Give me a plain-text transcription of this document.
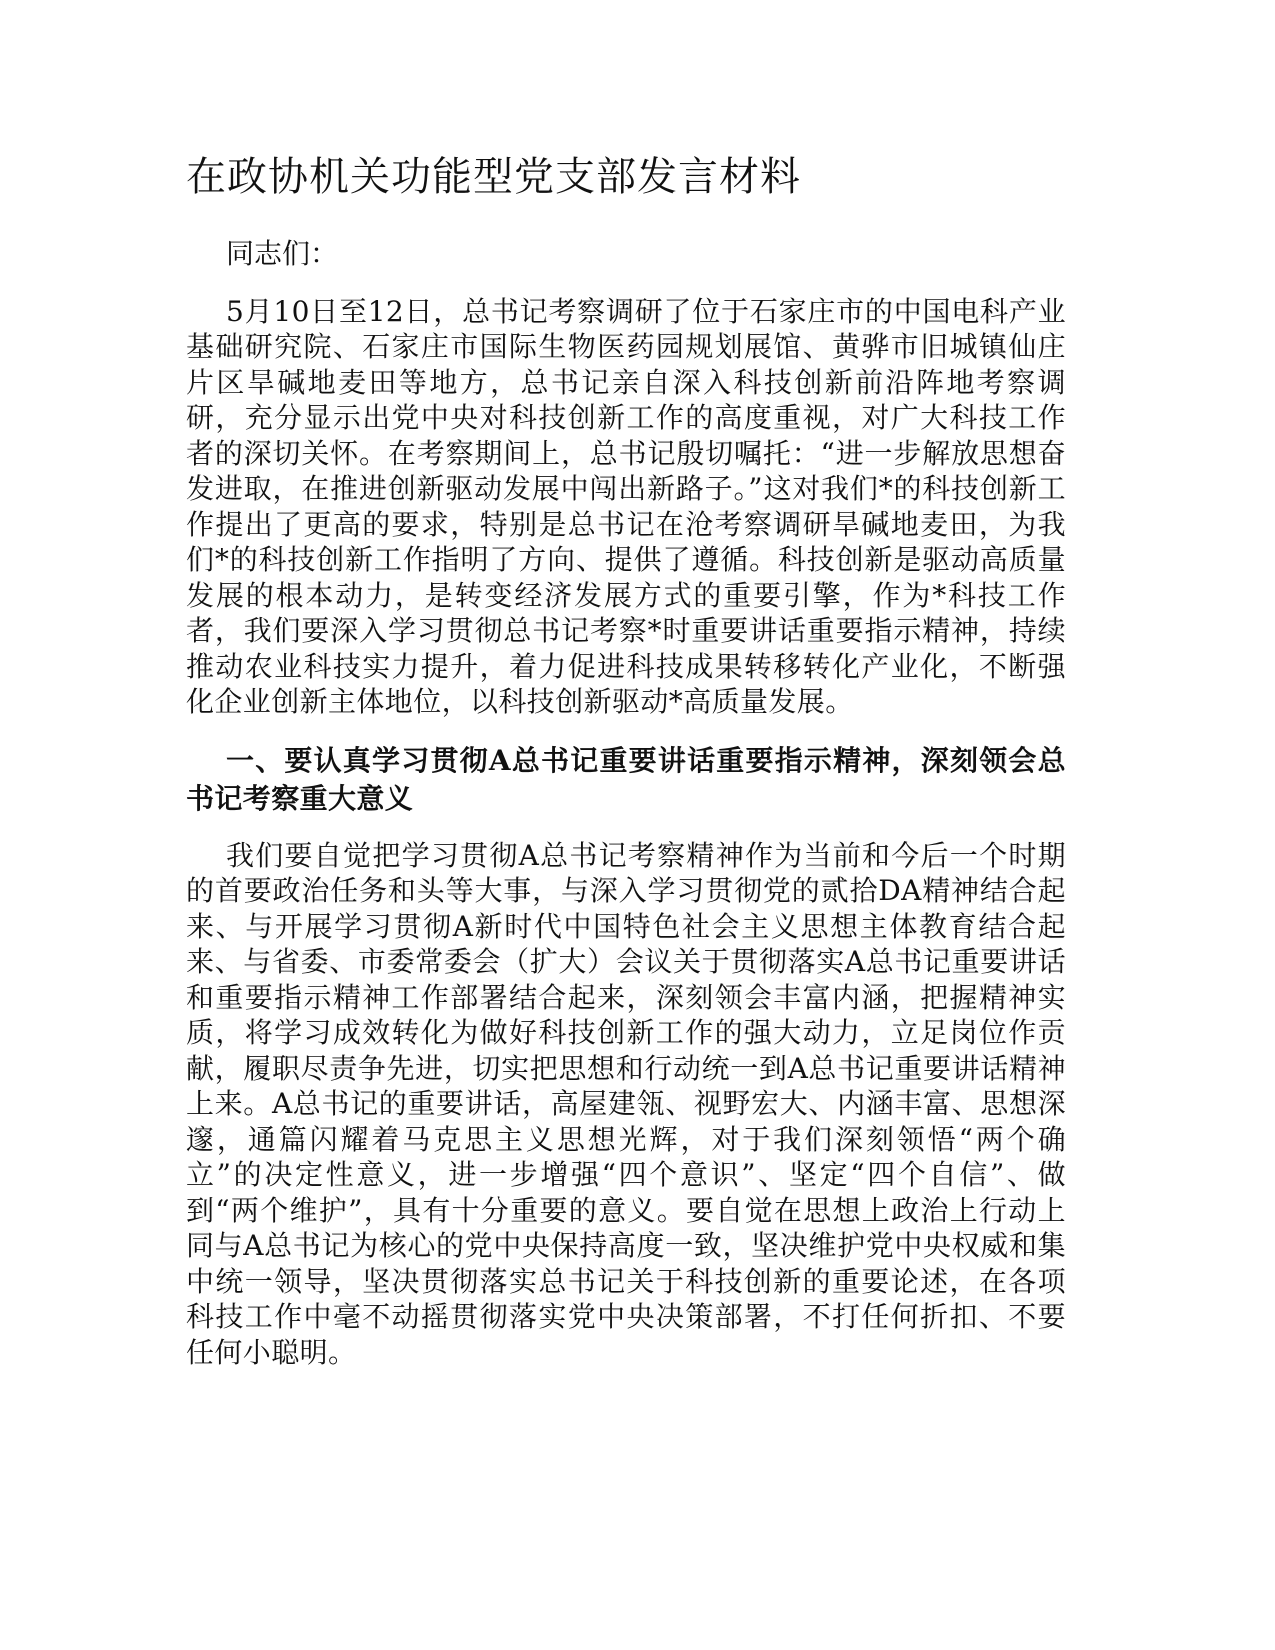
在政协机关功能型党支部发言材料

同志们：

5月10日至12日，总书记考察调研了位于石家庄市的中国电科产业基础研究院、石家庄市国际生物医药园规划展馆、黄骅市旧城镇仙庄片区旱碱地麦田等地方，总书记亲自深入科技创新前沿阵地考察调研，充分显示出党中央对科技创新工作的高度重视，对广大科技工作者的深切关怀。在考察期间上，总书记殷切嘱托：“进一步解放思想奋发进取，在推进创新驱动发展中闯出新路子。”这对我们*的科技创新工作提出了更高的要求，特别是总书记在沧考察调研旱碱地麦田，为我们*的科技创新工作指明了方向、提供了遵循。科技创新是驱动高质量发展的根本动力，是转变经济发展方式的重要引擎，作为*科技工作者，我们要深入学习贯彻总书记考察*时重要讲话重要指示精神，持续推动农业科技实力提升，着力促进科技成果转移转化产业化，不断强化企业创新主体地位，以科技创新驱动*高质量发展。

一、要认真学习贯彻A总书记重要讲话重要指示精神，深刻领会总书记考察重大意义

我们要自觉把学习贯彻A总书记考察精神作为当前和今后一个时期的首要政治任务和头等大事，与深入学习贯彻党的贰拾DA精神结合起来、与开展学习贯彻A新时代中国特色社会主义思想主体教育结合起来、与省委、市委常委会（扩大）会议关于贯彻落实A总书记重要讲话和重要指示精神工作部署结合起来，深刻领会丰富内涵，把握精神实质，将学习成效转化为做好科技创新工作的强大动力，立足岗位作贡献，履职尽责争先进，切实把思想和行动统一到A总书记重要讲话精神上来。A总书记的重要讲话，高屋建瓴、视野宏大、内涵丰富、思想深邃，通篇闪耀着马克思主义思想光辉，对于我们深刻领悟“两个确立”的决定性意义，进一步增强“四个意识”、坚定“四个自信”、做到“两个维护”，具有十分重要的意义。要自觉在思想上政治上行动上同与A总书记为核心的党中央保持高度一致，坚决维护党中央权威和集中统一领导，坚决贯彻落实总书记关于科技创新的重要论述，在各项科技工作中毫不动摇贯彻落实党中央决策部署，不打任何折扣、不要任何小聪明。
